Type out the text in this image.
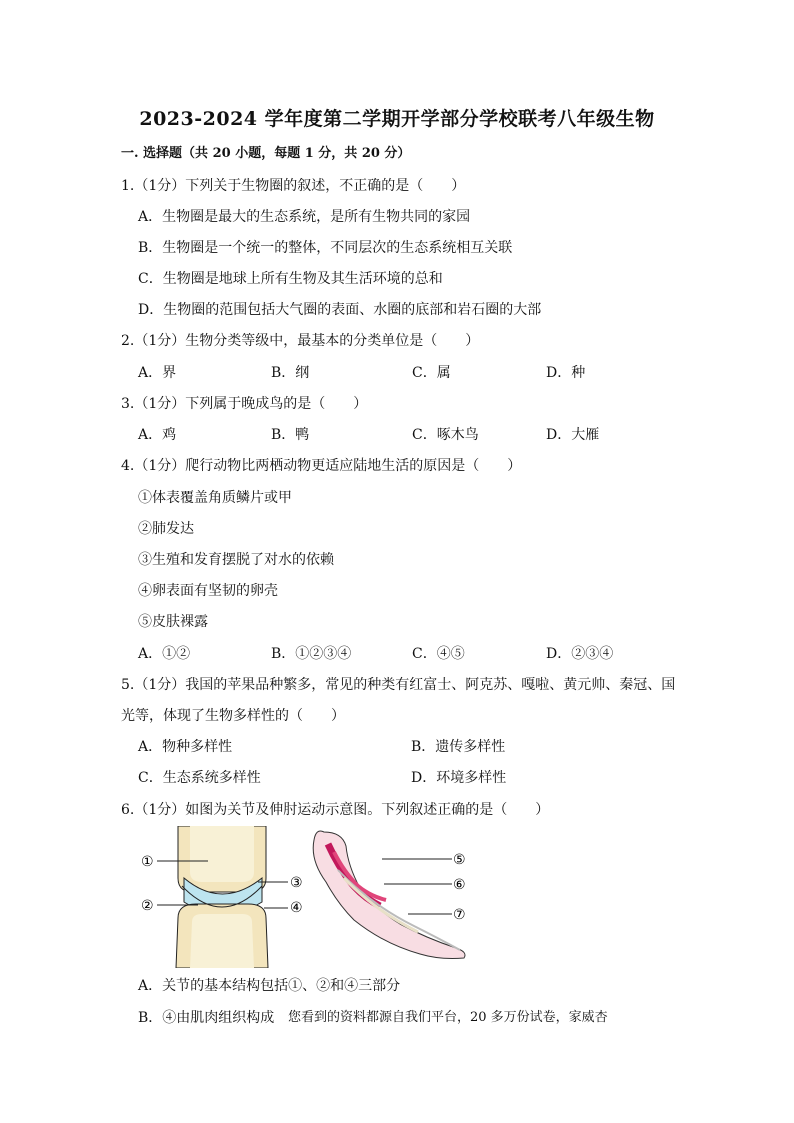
2023-2024 学年度第二学期开学部分学校联考八年级生物
一. 选择题（共 20 小题，每题 1 分，共 20 分）
1.（1分）下列关于生物圈的叙述，不正确的是（　　）
A．生物圈是最大的生态系统，是所有生物共同的家园
B．生物圈是一个统一的整体，不同层次的生态系统相互关联
C．生物圈是地球上所有生物及其生活环境的总和
D．生物圈的范围包括大气圈的表面、水圈的底部和岩石圈的大部
2.（1分）生物分类等级中，最基本的分类单位是（　　）
A．界	B．纲	C．属	D．种
3.（1分）下列属于晚成鸟的是（　　）
A．鸡	B．鸭	C．啄木鸟	D．大雁
4.（1分）爬行动物比两栖动物更适应陆地生活的原因是（　　）
①体表覆盖角质鳞片或甲
②肺发达
③生殖和发育摆脱了对水的依赖
④卵表面有坚韧的卵壳
⑤皮肤裸露
A．①②	B．①②③④	C．④⑤	D．②③④
5.（1分）我国的苹果品种繁多，常见的种类有红富士、阿克苏、嘎啦、黄元帅、秦冠、国
光等，体现了生物多样性的（　　）
A．物种多样性	B．遗传多样性
C．生态系统多样性	D．环境多样性
6.（1分）如图为关节及伸肘运动示意图。下列叙述正确的是（　　）
①
②
③
④
⑤
⑥
⑦
A．关节的基本结构包括①、②和④三部分
B．④由肌肉组织构成 您看到的资料都源自我们平台，20 多万份试卷，家威杏
